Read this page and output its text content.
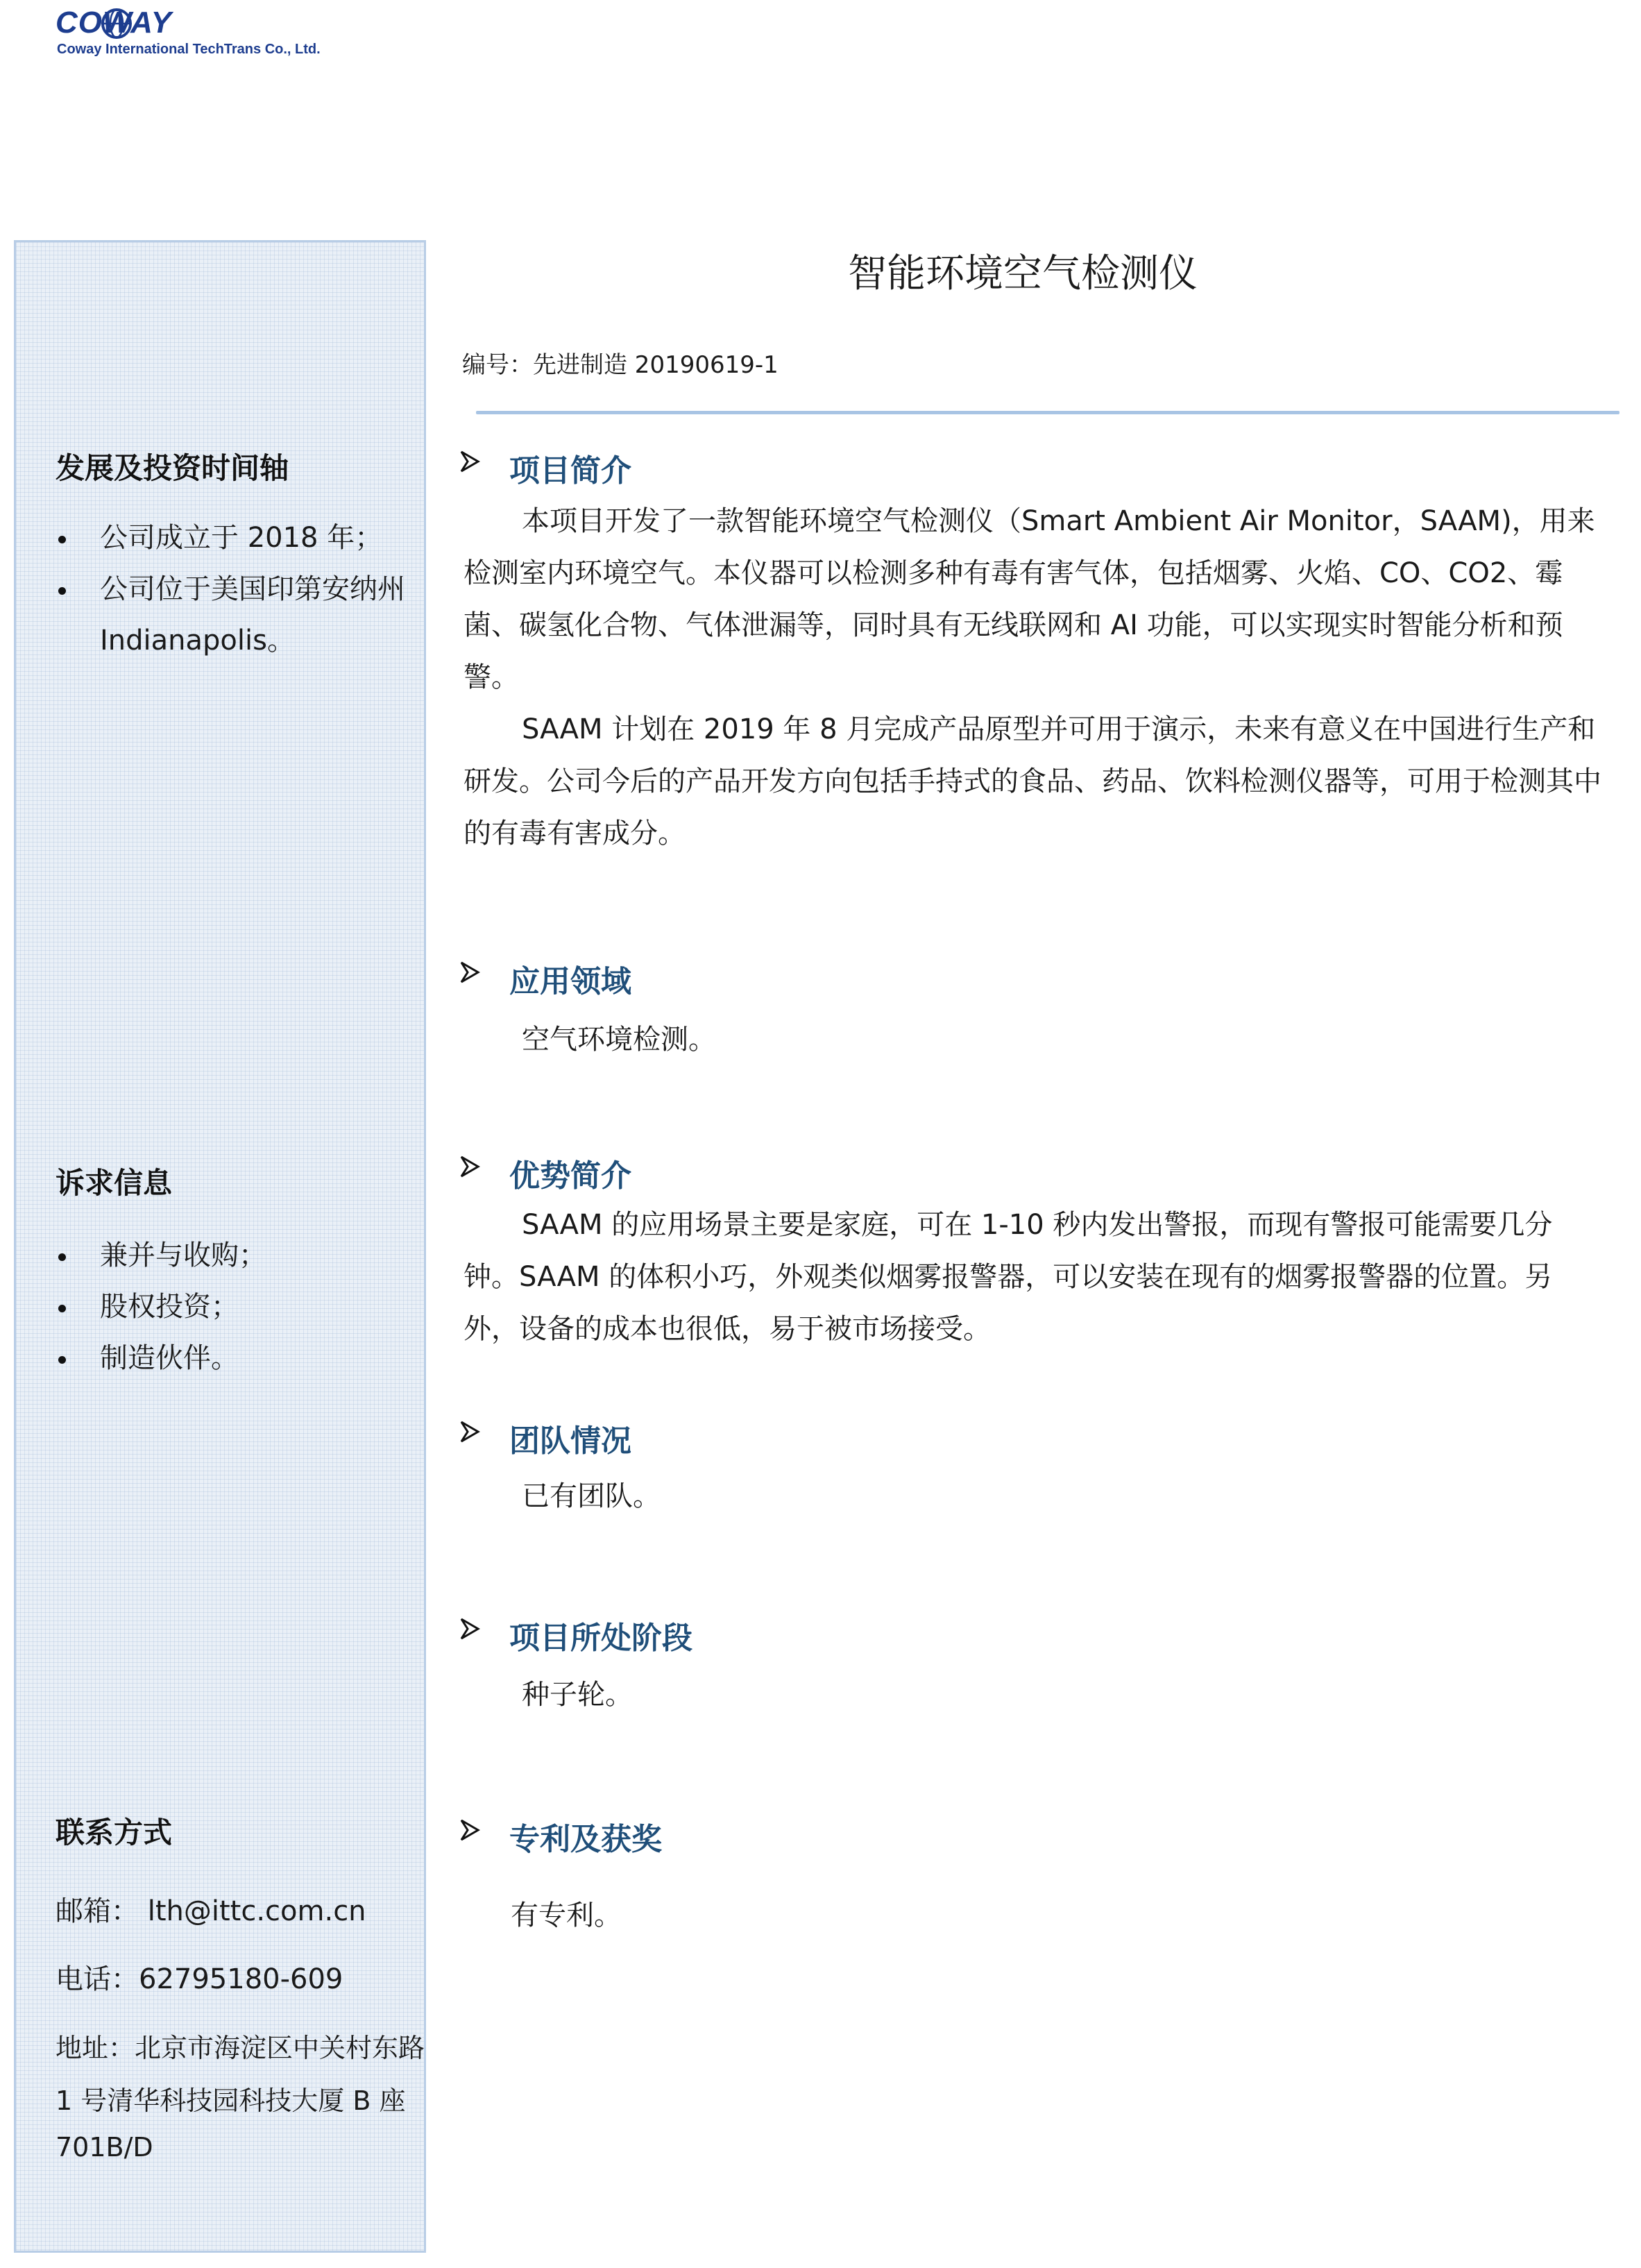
COWAY
Coway International TechTrans Co., Ltd.
发展及投资时间轴
公司成立于 2018 年；
公司位于美国印第安纳州 Indianapolis。
诉求信息
兼并与收购；
股权投资；
制造伙伴。
联系方式
邮箱： lth@ittc.com.cn
电话：62795180-609
地址：北京市海淀区中关村东路
1 号清华科技园科技大厦 B 座
701B/D
智能环境空气检测仪
编号：先进制造 20190619-1
项目简介

本项目开发了一款智能环境空气检测仪（Smart Ambient Air Monitor，SAAM)，用来检测室内环境空气。本仪器可以检测多种有毒有害气体，包括烟雾、火焰、CO、CO2、霉菌、碳氢化合物、气体泄漏等，同时具有无线联网和 AI 功能，可以实现实时智能分析和预警。

SAAM 计划在 2019 年 8 月完成产品原型并可用于演示，未来有意义在中国进行生产和研发。公司今后的产品开发方向包括手持式的食品、药品、饮料检测仪器等，可用于检测其中的有毒有害成分。

应用领域
空气环境检测。
优势简介

SAAM 的应用场景主要是家庭，可在 1-10 秒内发出警报，而现有警报可能需要几分钟。SAAM 的体积小巧，外观类似烟雾报警器，可以安装在现有的烟雾报警器的位置。另外，设备的成本也很低，易于被市场接受。

团队情况
已有团队。
项目所处阶段
种子轮。
专利及获奖
有专利。
